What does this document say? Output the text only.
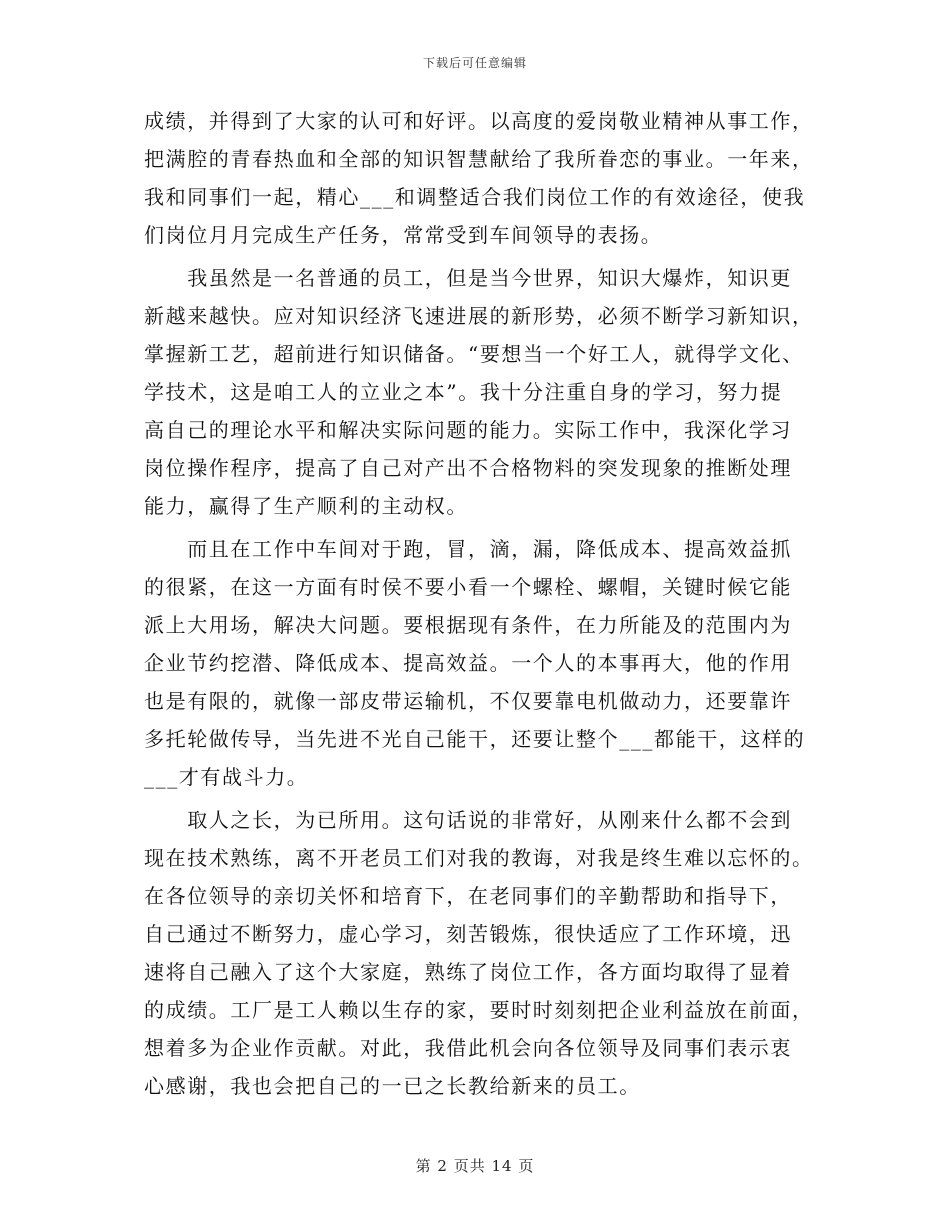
下载后可任意编辑
成绩，并得到了大家的认可和好评。以高度的爱岗敬业精神从事工作，
把满腔的青春热血和全部的知识智慧献给了我所眷恋的事业。一年来，
我和同事们一起，精心___和调整适合我们岗位工作的有效途径，使我
们岗位月月完成生产任务，常常受到车间领导的表扬。
　　我虽然是一名普通的员工，但是当今世界，知识大爆炸，知识更
新越来越快。应对知识经济飞速进展的新形势，必须不断学习新知识，
掌握新工艺，超前进行知识储备。“要想当一个好工人，就得学文化、
学技术，这是咱工人的立业之本”。我十分注重自身的学习，努力提
高自己的理论水平和解决实际问题的能力。实际工作中，我深化学习
岗位操作程序，提高了自己对产出不合格物料的突发现象的推断处理
能力，赢得了生产顺利的主动权。
　　而且在工作中车间对于跑，冒，滴，漏，降低成本、提高效益抓
的很紧，在这一方面有时侯不要小看一个螺栓、螺帽，关键时候它能
派上大用场，解决大问题。要根据现有条件，在力所能及的范围内为
企业节约挖潜、降低成本、提高效益。一个人的本事再大，他的作用
也是有限的，就像一部皮带运输机，不仅要靠电机做动力，还要靠许
多托轮做传导，当先进不光自己能干，还要让整个___都能干，这样的
___才有战斗力。
　　取人之长，为已所用。这句话说的非常好，从刚来什么都不会到
现在技术熟练，离不开老员工们对我的教诲，对我是终生难以忘怀的。
在各位领导的亲切关怀和培育下，在老同事们的辛勤帮助和指导下，
自己通过不断努力，虚心学习，刻苦锻炼，很快适应了工作环境，迅
速将自己融入了这个大家庭，熟练了岗位工作，各方面均取得了显着
的成绩。工厂是工人赖以生存的家，要时时刻刻把企业利益放在前面，
想着多为企业作贡献。对此，我借此机会向各位领导及同事们表示衷
心感谢，我也会把自己的一已之长教给新来的员工。
第 2 页共 14 页
